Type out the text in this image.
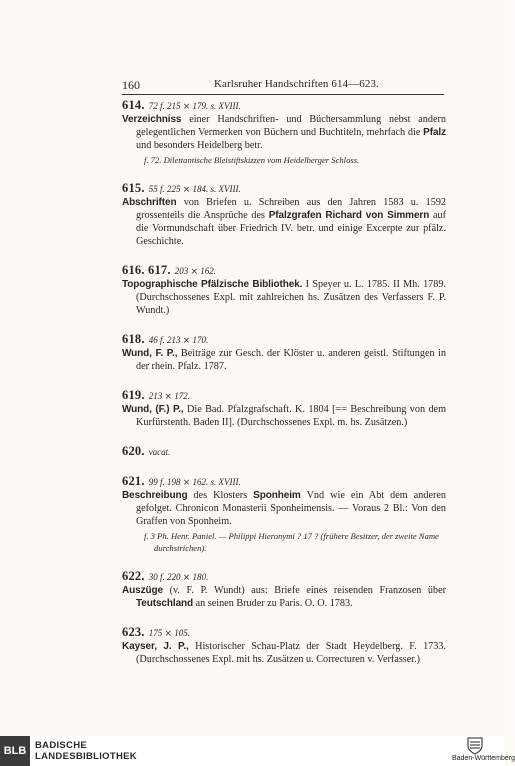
160	Karlsruher Handschriften 614—623.
614. 72 f. 215 ⨯ 179. s. XVIII.
Verzeichniss einer Handschriften- und Büchersammlung nebst andern gelegentlichen Vermerken von Büchern und Buchtiteln, mehrfach die Pfalz und besonders Heidelberg betr.
f. 72. Dilettantische Bleistiftskizzen vom Heidelberger Schloss.
615. 55 f. 225 ⨯ 184. s. XVIII.
Abschriften von Briefen u. Schreiben aus den Jahren 1583 u. 1592 grossenteils die Ansprüche des Pfalzgrafen Richard von Simmern auf die Vormundschaft über Friedrich IV. betr. und einige Excerpte zur pfälz. Geschichte.
616. 617. 203 ⨯ 162.
Topographische Pfälzische Bibliothek. I Speyer u. L. 1785. II Mh. 1789. (Durchschossenes Expl. mit zahlreichen hs. Zusätzen des Verfassers F. P. Wundt.)
618. 46 f. 213 ⨯ 170.
Wund, F. P., Beiträge zur Gesch. der Klöster u. anderen geistl. Stiftungen in der rhein. Pfalz. 1787.
619. 213 ⨯ 172.
Wund, (F.) P., Die Bad. Pfalzgrafschaft. K. 1804 [== Beschreibung von dem Kurfürstenth. Baden II]. (Durchschossenes Expl. m. hs. Zusätzen.)
620. vacat.
621. 99 f. 198 ⨯ 162. s. XVIII.
Beschreibung des Klosters Sponheim Vnd wie ein Abt dem anderen gefolget. Chronicon Monasterii Sponheimensis. — Voraus 2 Bl.: Von den Graffen von Sponheim.
f. 3 Ph. Henr. Paniel. — Philippi Hieronymi ? 17 ? (frühere Besitzer, der zweite Name durchstrichen).
622. 30 f. 220 ⨯ 180.
Auszüge (v. F. P. Wundt) aus: Briefe eines reisenden Franzosen über Teutschland an seinen Bruder zu Paris. O. O. 1783.
623. 175 ⨯ 105.
Kayser, J. P., Historischer Schau-Platz der Stadt Heydelberg. F. 1733. (Durchschossenes Expl. mit hs. Zusätzen u. Correcturen v. Verfasser.)
BLB BADISCHE
LANDESBIBLIOTHEK	Baden-Württemberg
